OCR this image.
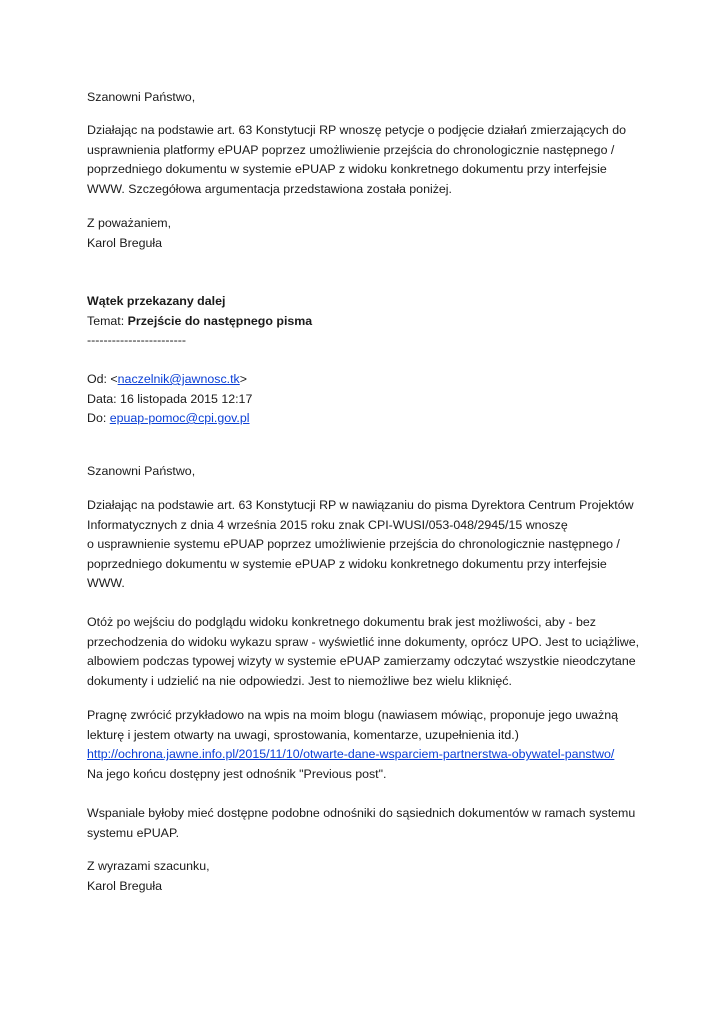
Szanowni Państwo,
Działając na podstawie art. 63 Konstytucji RP wnoszę petycje o podjęcie działań zmierzających do
usprawnienia platformy ePUAP poprzez umożliwienie przejścia do chronologicznie następnego /
poprzedniego dokumentu w systemie ePUAP z widoku konkretnego dokumentu przy interfejsie
WWW. Szczegółowa argumentacja przedstawiona została poniżej.
Z poważaniem,
Karol Breguła
Wątek przekazany dalej
Temat: Przejście do następnego pisma
------------------------
Od: <naczelnik@jawnosc.tk>
Data: 16 listopada 2015 12:17
Do: epuap-pomoc@cpi.gov.pl
Szanowni Państwo,
Działając na podstawie art. 63 Konstytucji RP w nawiązaniu do pisma Dyrektora Centrum Projektów
Informatycznych z dnia 4 września 2015 roku znak CPI-WUSI/053-048/2945/15 wnoszę
o usprawnienie systemu ePUAP poprzez umożliwienie przejścia do chronologicznie następnego /
poprzedniego dokumentu w systemie ePUAP z widoku konkretnego dokumentu przy interfejsie
WWW.
Otóż po wejściu do podglądu widoku konkretnego dokumentu brak jest możliwości, aby - bez
przechodzenia do widoku wykazu spraw - wyświetlić inne dokumenty, oprócz UPO. Jest to uciążliwe,
albowiem podczas typowej wizyty w systemie ePUAP zamierzamy odczytać wszystkie nieodczytane
dokumenty i udzielić na nie odpowiedzi. Jest to niemożliwe bez wielu kliknięć.
Pragnę zwrócić przykładowo na wpis na moim blogu (nawiasem mówiąc, proponuje jego uważną
lekturę i jestem otwarty na uwagi, sprostowania, komentarze, uzupełnienia itd.)
http://ochrona.jawne.info.pl/2015/11/10/otwarte-dane-wsparciem-partnerstwa-obywatel-panstwo/
Na jego końcu dostępny jest odnośnik "Previous post".
Wspaniale byłoby mieć dostępne podobne odnośniki do sąsiednich dokumentów w ramach systemu
systemu ePUAP.
Z wyrazami szacunku,
Karol Breguła
